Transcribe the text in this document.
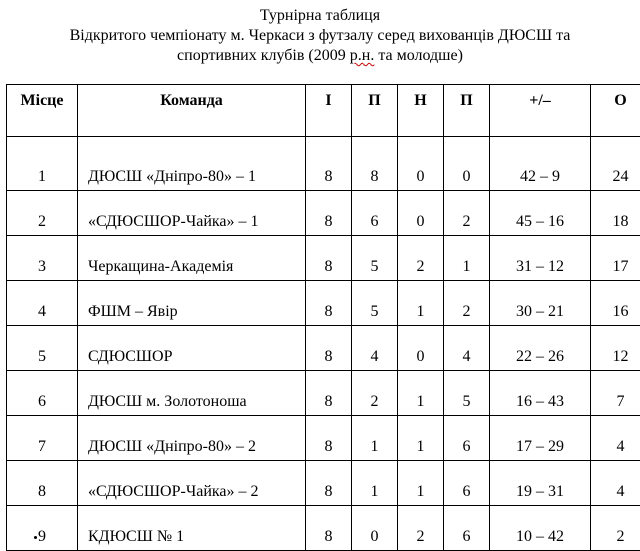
Турнірна таблиця
Відкритого чемпіонату м. Черкаси з футзалу серед вихованців ДЮСШ та
спортивних клубів (2009 р.н. та молодше)
Місце	Команда	І	П	Н	П	+/–	О
1	ДЮСШ «Дніпро-80» – 1	8	8	0	0	42 – 9	24
2	«СДЮСШОР-Чайка» – 1	8	6	0	2	45 – 16	18
3	Черкащина-Академія	8	5	2	1	31 – 12	17
4	ФШМ – Явір	8	5	1	2	30 – 21	16
5	СДЮСШОР	8	4	0	4	22 – 26	12
6	ДЮСШ м. Золотоноша	8	2	1	5	16 – 43	7
7	ДЮСШ «Дніпро-80» – 2	8	1	1	6	17 – 29	4
8	«СДЮСШОР-Чайка» – 2	8	1	1	6	19 – 31	4
9	КДЮСШ № 1	8	0	2	6	10 – 42	2
